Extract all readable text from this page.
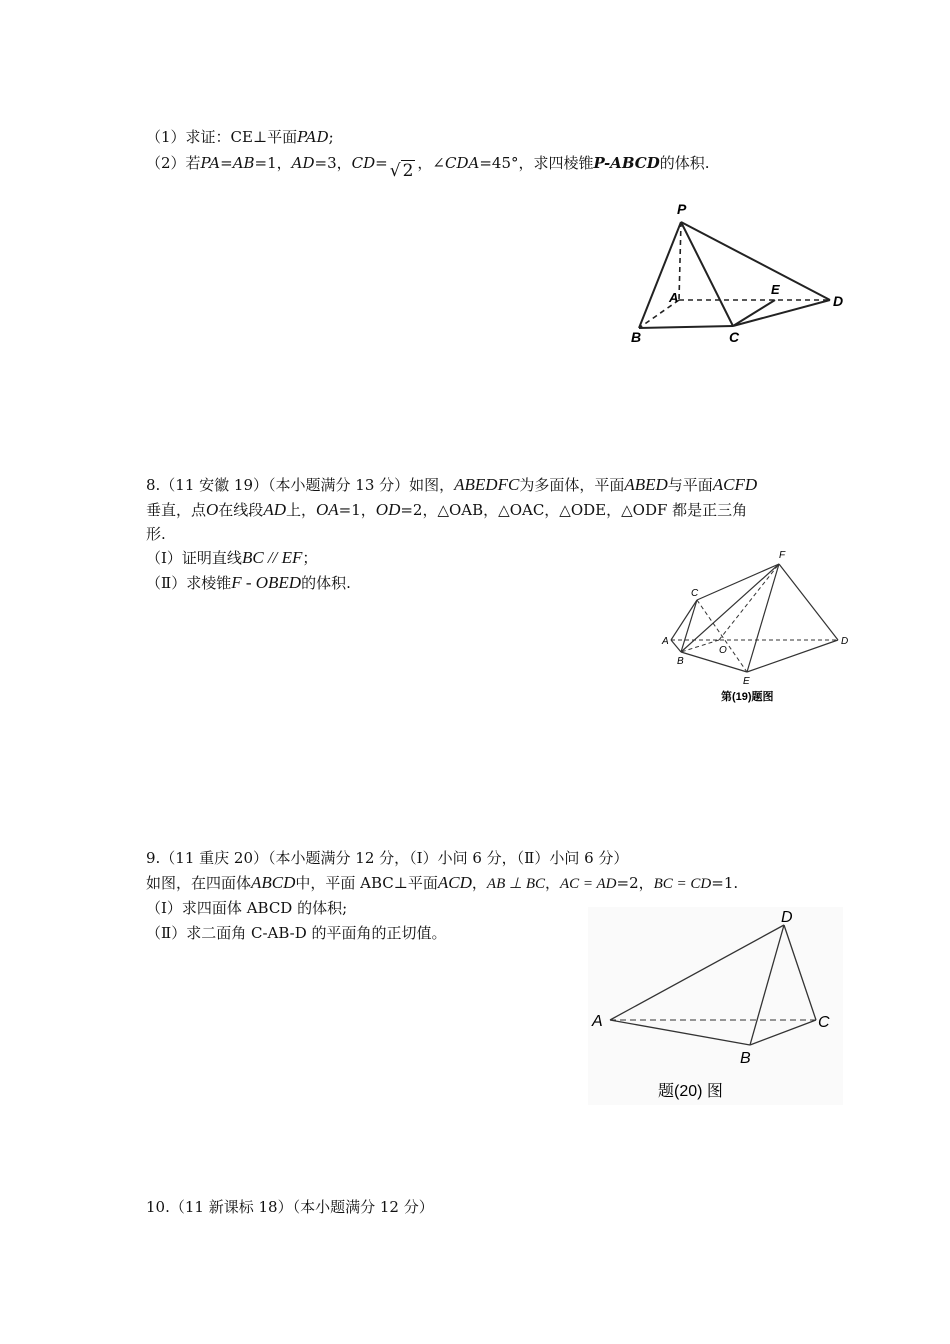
（1）求证：CE⊥平面PAD;
（2）若PA=AB=1，AD=3，CD= √ 2 ，∠CDA=45°，求四棱锥P-ABCD的体积.
P
A
E
D
B	C
8.（11 安徽 19）（本小题满分 13 分）如图，ABEDFC为多面体，平面ABED与平面ACFD
垂直，点O在线段AD上，OA=1，OD=2，△OAB，△OAC，△ODE，△ODF 都是正三角
形.
（Ⅰ）证明直线BC // EF；
（Ⅱ）求棱锥F - OBED的体积.
F
C
A
B
O
E
D
第(19)题图
9.（11 重庆 20）（本小题满分 12 分，（Ⅰ）小问 6 分，（Ⅱ）小问 6 分）
如图，在四面体ABCD中，平面 ABC⊥平面ACD，AB ⊥ BC，AC = AD=2，BC = CD=1.
（Ⅰ）求四面体 ABCD 的体积;
（Ⅱ）求二面角 C-AB-D 的平面角的正切值。
D
A	C
B
题(20) 图
10.（11 新课标 18）（本小题满分 12 分）
